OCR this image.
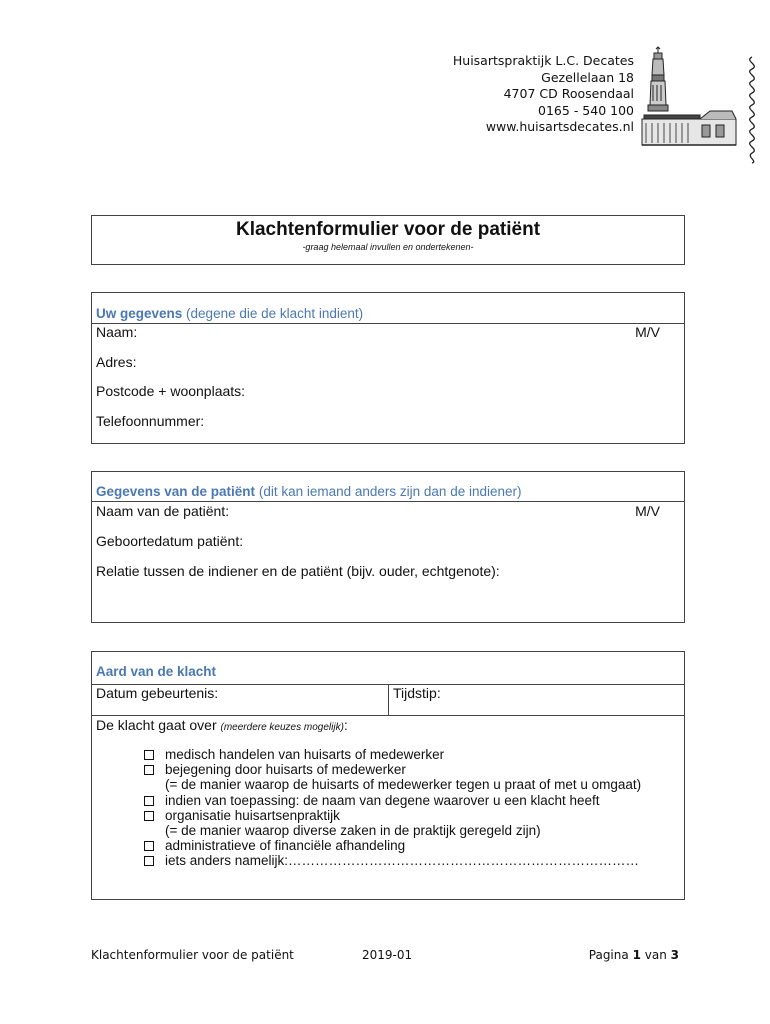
Huisartspraktijk L.C. Decates
Gezellelaan 18
4707 CD Roosendaal
0165 - 540 100
www.huisartsdecates.nl
Klachtenformulier voor de patiënt
-graag helemaal invullen en ondertekenen-
Uw gegevens (degene die de klacht indient)
Naam:	M/V
Adres:
Postcode + woonplaats:
Telefoonnummer:
Gegevens van de patiënt (dit kan iemand anders zijn dan de indiener)
Naam van de patiënt:	M/V
Geboortedatum patiënt:
Relatie tussen de indiener en de patiënt (bijv. ouder, echtgenote):
Aard van de klacht
Datum gebeurtenis:	Tijdstip:
De klacht gaat over (meerdere keuzes mogelijk):
medisch handelen van huisarts of medewerker
bejegening door huisarts of medewerker
(= de manier waarop de huisarts of medewerker tegen u praat of met u omgaat)
indien van toepassing: de naam van degene waarover u een klacht heeft
organisatie huisartsenpraktijk
(= de manier waarop diverse zaken in de praktijk geregeld zijn)
administratieve of financiële afhandeling
iets anders namelijk:……………………………………………………………………
Klachtenformulier voor de patiënt	2019-01	Pagina 1 van 3
